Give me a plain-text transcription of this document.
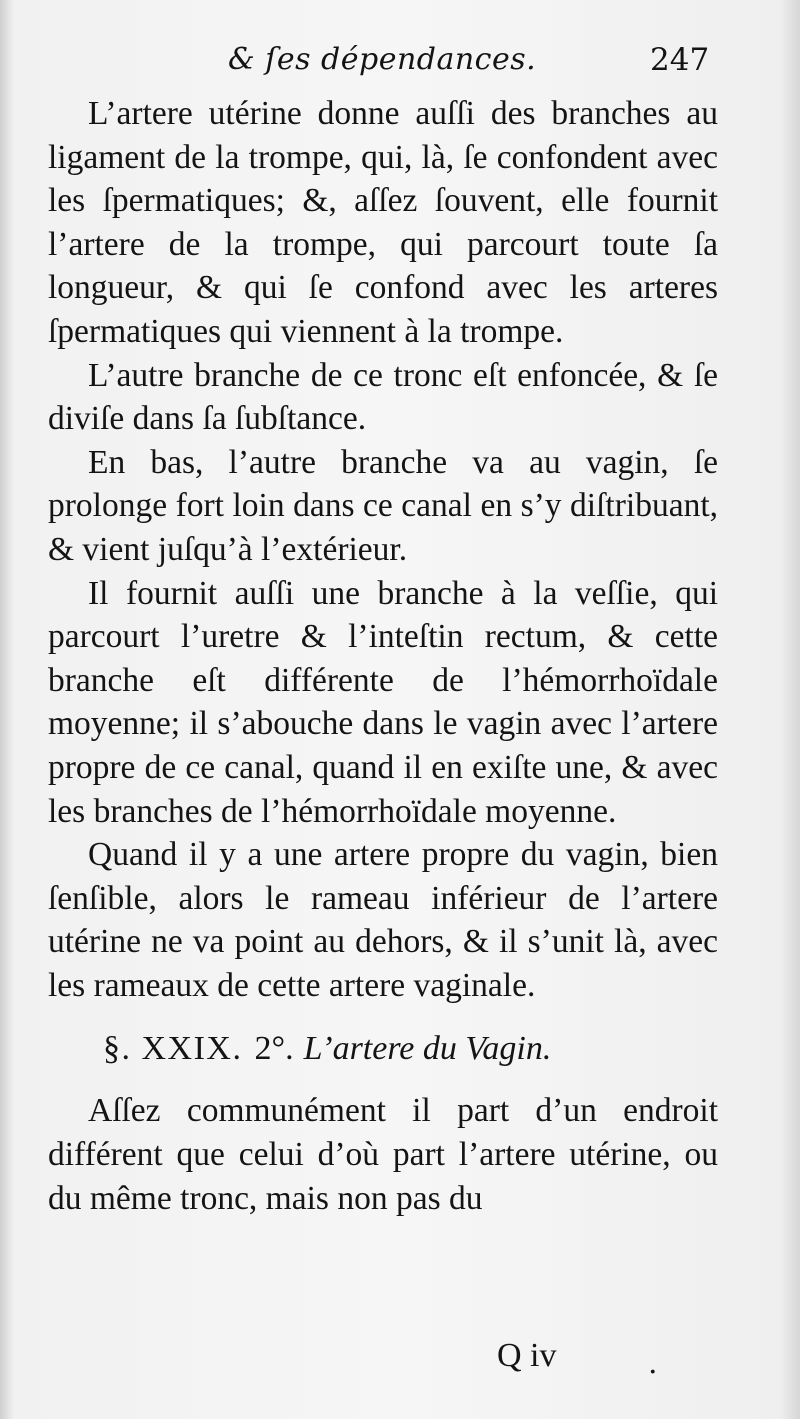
& ſes dépendances.	247

L’artere utérine donne auſſi des branches au ligament de la trompe, qui, là, ſe confondent avec les ſpermatiques; &, aſſez ſouvent, elle fournit l’artere de la trompe, qui parcourt toute ſa longueur, & qui ſe confond avec les arteres ſpermatiques qui viennent à la trompe.

L’autre branche de ce tronc eſt enfoncée, & ſe diviſe dans ſa ſubſtance.

En bas, l’autre branche va au vagin, ſe prolonge fort loin dans ce canal en s’y diſtribuant, & vient juſqu’à l’extérieur.

Il fournit auſſi une branche à la veſſie, qui parcourt l’uretre & l’inteſtin rectum, & cette branche eſt différente de l’hémorrhoïdale moyenne; il s’abouche dans le vagin avec l’artere propre de ce canal, quand il en exiſte une, & avec les branches de l’hémorrhoïdale moyenne.

Quand il y a une artere propre du vagin, bien ſenſible, alors le rameau inférieur de l’artere utérine ne va point au dehors, & il s’unit là, avec les rameaux de cette artere vaginale.

§. XXIX. 2°. L’artere du Vagin.

Aſſez communément il part d’un endroit différent que celui d’où part l’artere utérine, ou du même tronc, mais non pas du

Q iv	.
